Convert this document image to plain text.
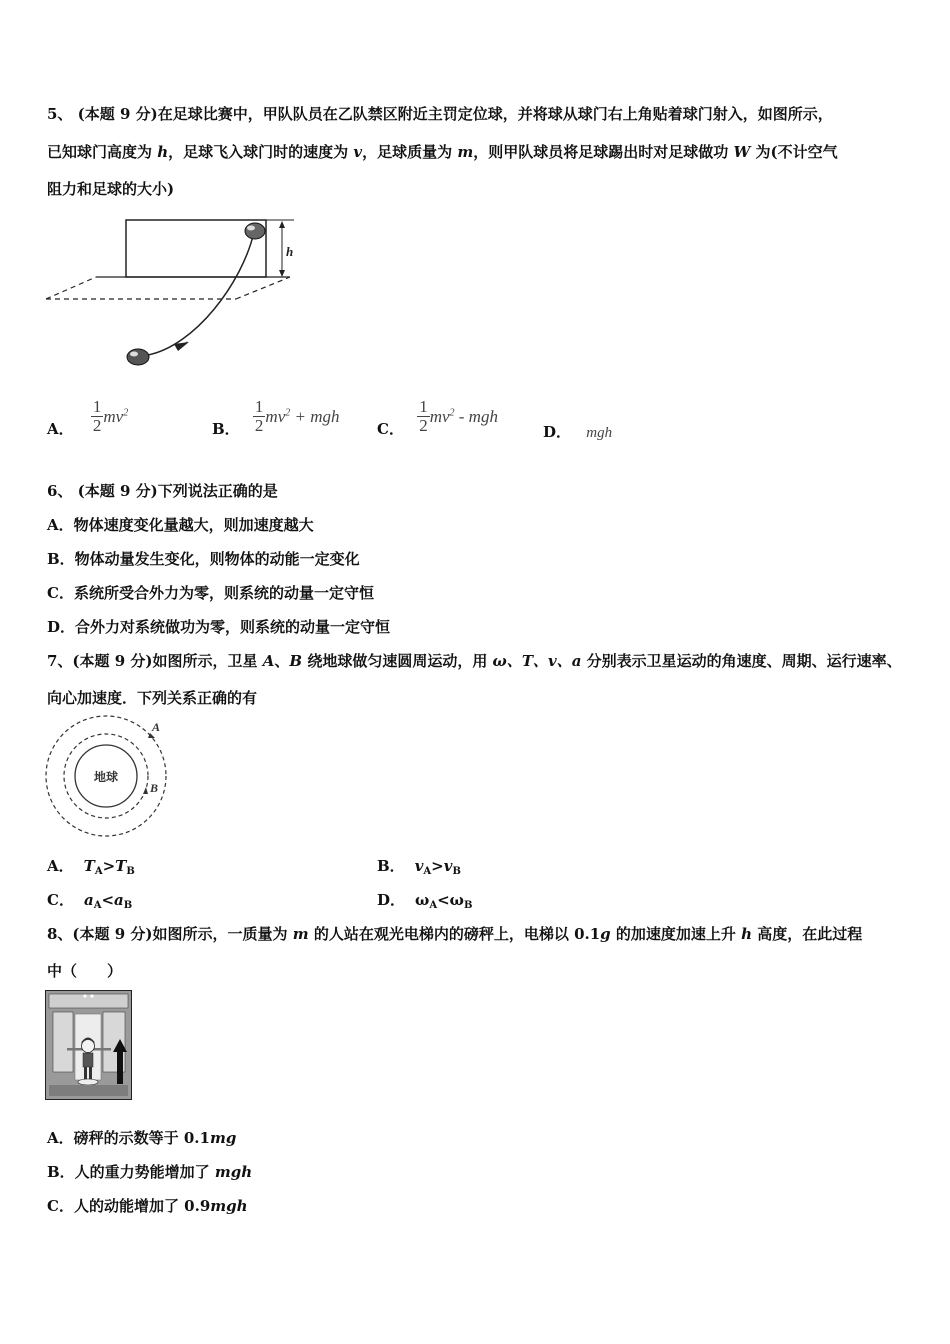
5、 (本题 9 分)在足球比赛中，甲队队员在乙队禁区附近主罚定位球，并将球从球门右上角贴着球门射入，如图所示，
已知球门高度为 h，足球飞入球门时的速度为 v，足球质量为 m，则甲队球员将足球踢出时对足球做功 W 为(不计空气
阻力和足球的大小)
h
A． $\frac{1}{2} mv^2$
B． $\frac{1}{2} mv^2$ + mgh
C． $\frac{1}{2} mv^2$ - mgh
D． mgh
6、 (本题 9 分)下列说法正确的是
A．物体速度变化量越大，则加速度越大
B．物体动量发生变化，则物体的动能一定变化
C．系统所受合外力为零，则系统的动量一定守恒
D．合外力对系统做功为零，则系统的动量一定守恒
7、(本题 9 分)如图所示，卫星 A、B 绕地球做匀速圆周运动，用 ω、T、v、a 分别表示卫星运动的角速度、周期、运行速率、
向心加速度．下列关系正确的有
地球
A
B
A． $T_A>T_B$	B． $v_A>v_B$
C． $a_A<a_B$	D． $\omega_A<\omega_B$
8、(本题 9 分)如图所示，一质量为 m 的人站在观光电梯内的磅秤上，电梯以 0.1g 的加速度加速上升 h 高度，在此过程
中（　　）
A．磅秤的示数等于 0.1mg
B．人的重力势能增加了 mgh
C．人的动能增加了 0.9mgh
